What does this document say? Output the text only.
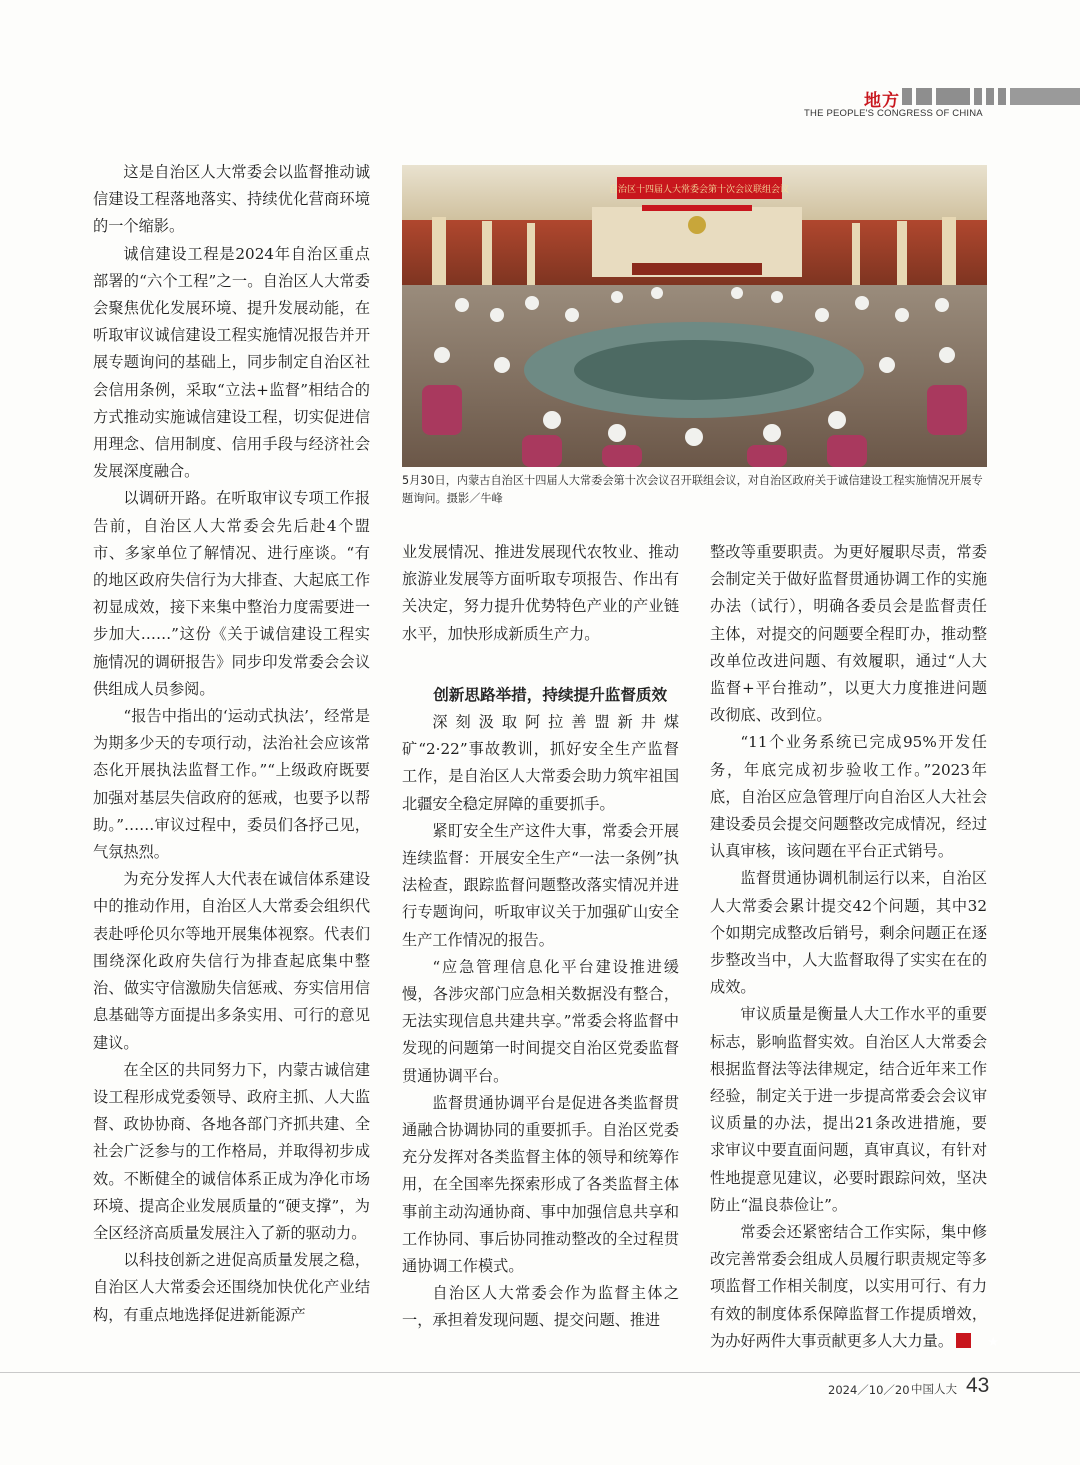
地方
THE PEOPLE'S CONGRESS OF CHINA

这是自治区人大常委会以监督推动诚信建设工程落地落实、持续优化营商环境的一个缩影。

诚信建设工程是2024年自治区重点部署的“六个工程”之一。自治区人大常委会聚焦优化发展环境、提升发展动能，在听取审议诚信建设工程实施情况报告并开展专题询问的基础上，同步制定自治区社会信用条例，采取“立法+监督”相结合的方式推动实施诚信建设工程，切实促进信用理念、信用制度、信用手段与经济社会发展深度融合。

以调研开路。在听取审议专项工作报告前，自治区人大常委会先后赴4个盟市、多家单位了解情况、进行座谈。“有的地区政府失信行为大排查、大起底工作初显成效，接下来集中整治力度需要进一步加大……”这份《关于诚信建设工程实施情况的调研报告》同步印发常委会会议供组成人员参阅。

“报告中指出的‘运动式执法’，经常是为期多少天的专项行动，法治社会应该常态化开展执法监督工作。”“上级政府既要加强对基层失信政府的惩戒，也要予以帮助。”……审议过程中，委员们各抒己见，气氛热烈。

为充分发挥人大代表在诚信体系建设中的推动作用，自治区人大常委会组织代表赴呼伦贝尔等地开展集体视察。代表们围绕深化政府失信行为排查起底集中整治、做实守信激励失信惩戒、夯实信用信息基础等方面提出多条实用、可行的意见建议。

在全区的共同努力下，内蒙古诚信建设工程形成党委领导、政府主抓、人大监督、政协协商、各地各部门齐抓共建、全社会广泛参与的工作格局，并取得初步成效。不断健全的诚信体系正成为净化市场环境、提高企业发展质量的“硬支撑”，为全区经济高质量发展注入了新的驱动力。

以科技创新之进促高质量发展之稳，自治区人大常委会还围绕加快优化产业结构，有重点地选择促进新能源产

自治区十四届人大常委会第十次会议联组会议
5月30日，内蒙古自治区十四届人大常委会第十次会议召开联组会议，对自治区政府关于诚信建设工程实施情况开展专题询问。摄影／牛峰

业发展情况、推进发展现代农牧业、推动旅游业发展等方面听取专项报告、作出有关决定，努力提升优势特色产业的产业链水平，加快形成新质生产力。

创新思路举措，持续提升监督质效

深刻汲取阿拉善盟新井煤矿“2·22”事故教训，抓好安全生产监督工作，是自治区人大常委会助力筑牢祖国北疆安全稳定屏障的重要抓手。

紧盯安全生产这件大事，常委会开展连续监督：开展安全生产“一法一条例”执法检查，跟踪监督问题整改落实情况并进行专题询问，听取审议关于加强矿山安全生产工作情况的报告。

“应急管理信息化平台建设推进缓慢，各涉灾部门应急相关数据没有整合，无法实现信息共建共享。”常委会将监督中发现的问题第一时间提交自治区党委监督贯通协调平台。

监督贯通协调平台是促进各类监督贯通融合协调协同的重要抓手。自治区党委充分发挥对各类监督主体的领导和统筹作用，在全国率先探索形成了各类监督主体事前主动沟通协商、事中加强信息共享和工作协同、事后协同推动整改的全过程贯通协调工作模式。

自治区人大常委会作为监督主体之一，承担着发现问题、提交问题、推进

整改等重要职责。为更好履职尽责，常委会制定关于做好监督贯通协调工作的实施办法（试行），明确各委员会是监督责任主体，对提交的问题要全程盯办，推动整改单位改进问题、有效履职，通过“人大监督+平台推动”，以更大力度推进问题改彻底、改到位。

“11个业务系统已完成95%开发任务，年底完成初步验收工作。”2023年底，自治区应急管理厅向自治区人大社会建设委员会提交问题整改完成情况，经过认真审核，该问题在平台正式销号。

监督贯通协调机制运行以来，自治区人大常委会累计提交42个问题，其中32个如期完成整改后销号，剩余问题正在逐步整改当中，人大监督取得了实实在在的成效。

审议质量是衡量人大工作水平的重要标志，影响监督实效。自治区人大常委会根据监督法等法律规定，结合近年来工作经验，制定关于进一步提高常委会会议审议质量的办法，提出21条改进措施，要求审议中要直面问题，真审真议，有针对性地提意见建议，必要时跟踪问效，坚决防止“温良恭俭让”。

常委会还紧密结合工作实际，集中修改完善常委会组成人员履行职责规定等多项监督工作相关制度，以实用可行、有力有效的制度体系保障监督工作提质增效，为办好两件大事贡献更多人大力量。★

2024／10／20 中国人大 43
